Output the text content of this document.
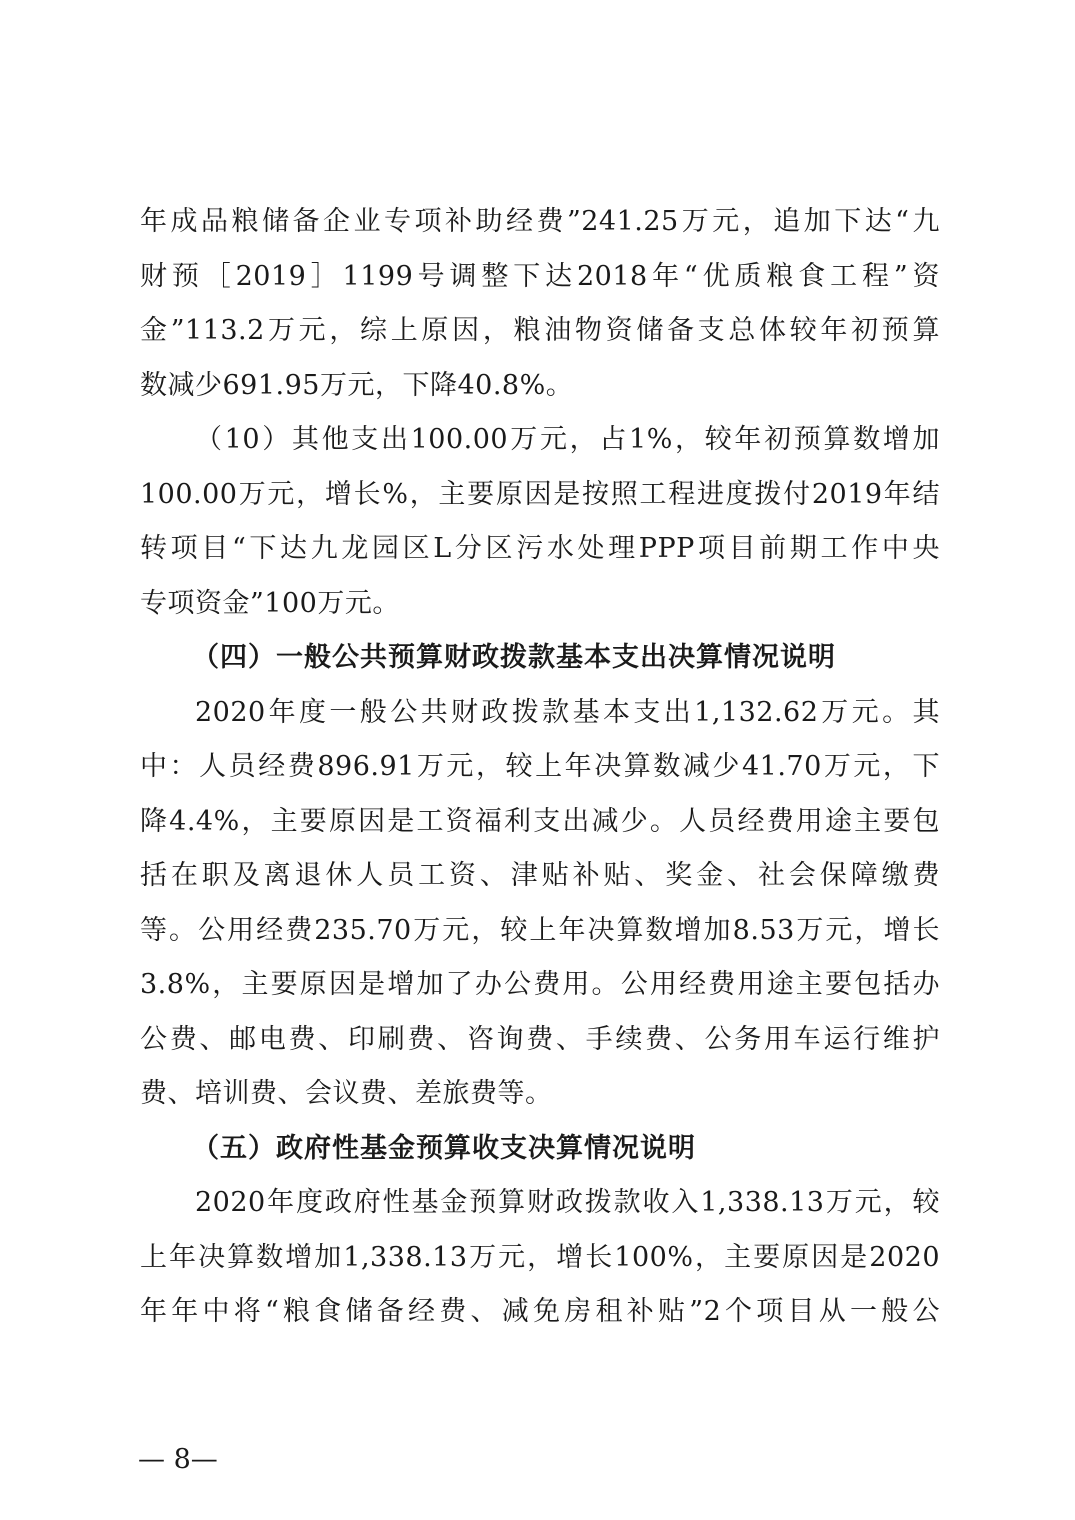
年成品粮储备企业专项补助经费”241.25万元，追加下达“九
财预［2019］1199号调整下达2018年“优质粮食工程”资
金”113.2万元，综上原因，粮油物资储备支总体较年初预算
数减少691.95万元，下降40.8%。
（10）其他支出100.00万元，占1%，较年初预算数增加
100.00万元，增长%，主要原因是按照工程进度拨付2019年结
转项目“下达九龙园区L分区污水处理PPP项目前期工作中央
专项资金”100万元。
（四）一般公共预算财政拨款基本支出决算情况说明
2020年度一般公共财政拨款基本支出1,132.62万元。其
中：人员经费896.91万元，较上年决算数减少41.70万元，下
降4.4%，主要原因是工资福利支出减少。人员经费用途主要包
括在职及离退休人员工资、津贴补贴、奖金、社会保障缴费
等。公用经费235.70万元，较上年决算数增加8.53万元，增长
3.8%，主要原因是增加了办公费用。公用经费用途主要包括办
公费、邮电费、印刷费、咨询费、手续费、公务用车运行维护
费、培训费、会议费、差旅费等。
（五）政府性基金预算收支决算情况说明
2020年度政府性基金预算财政拨款收入1,338.13万元，较
上年决算数增加1,338.13万元，增长100%，主要原因是2020
年年中将“粮食储备经费、减免房租补贴”2个项目从一般公
— 8—
